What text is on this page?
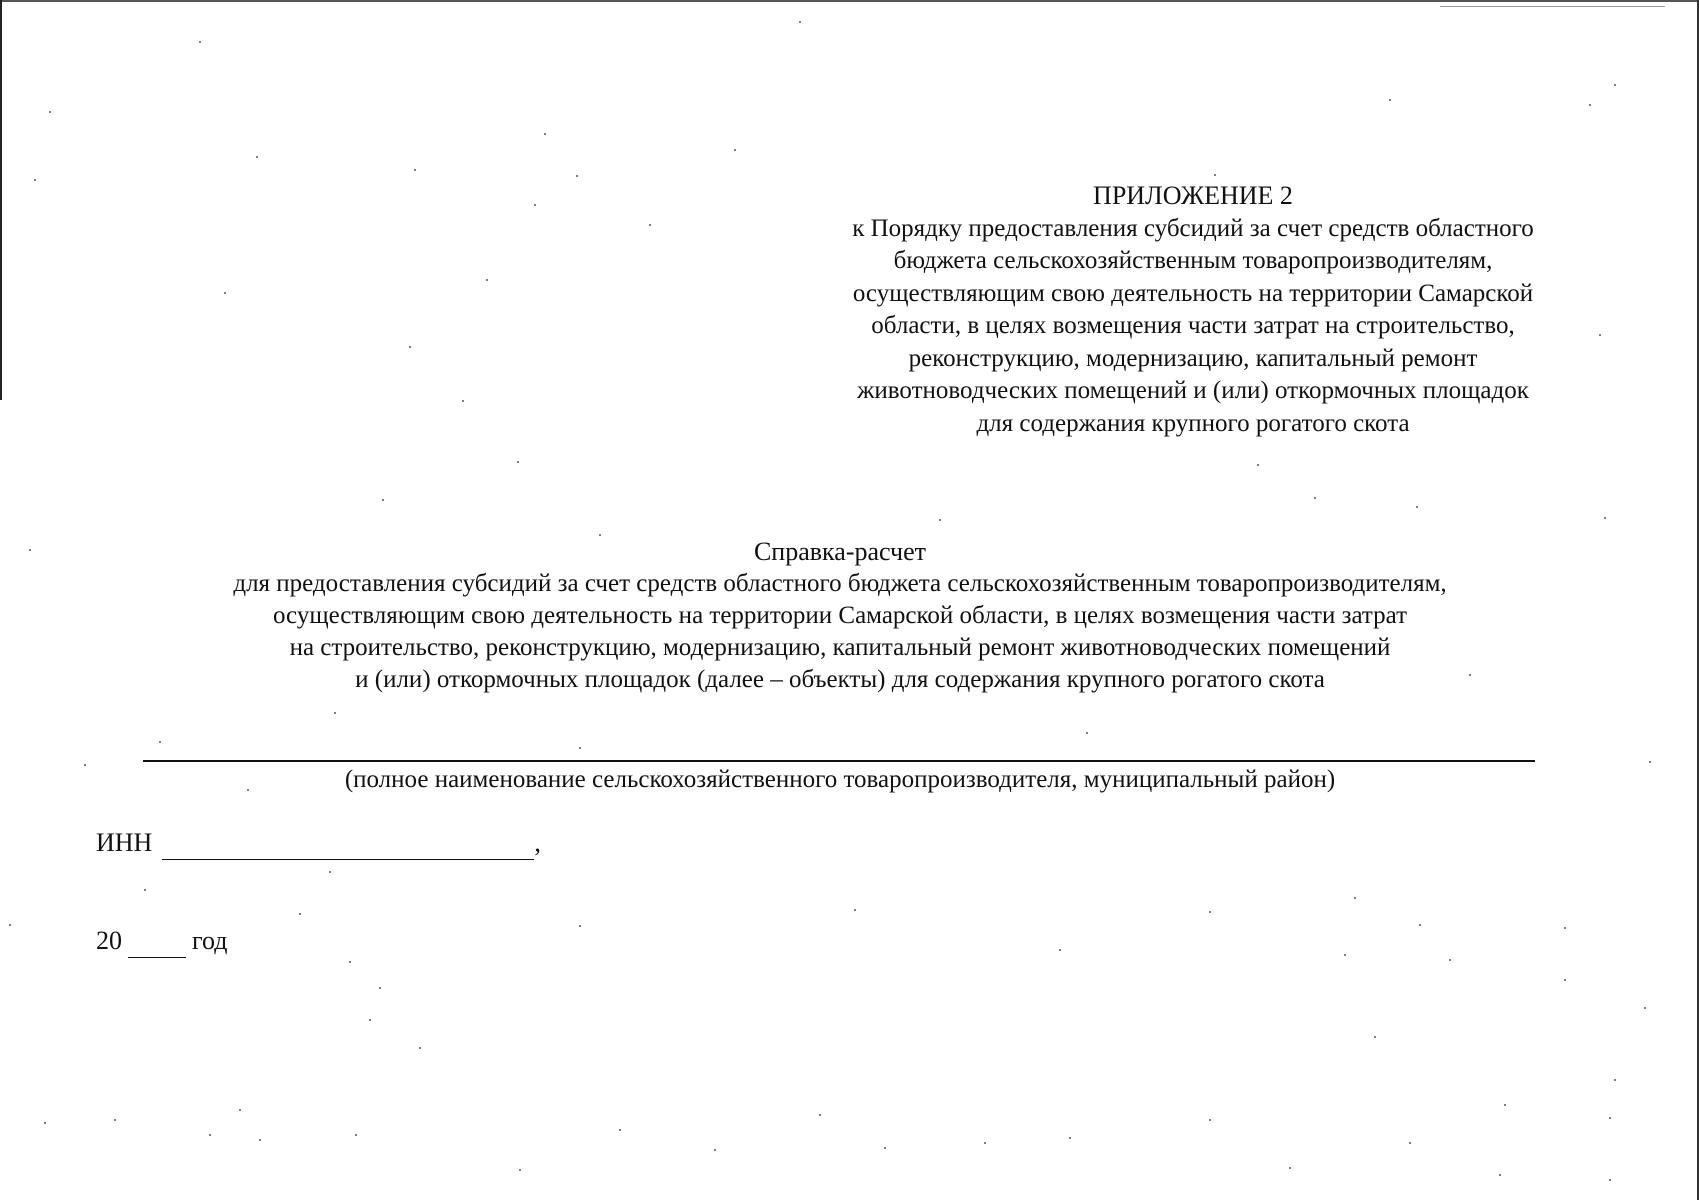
ПРИЛОЖЕНИЕ 2
к Порядку предоставления субсидий за счет средств областного
бюджета сельскохозяйственным товаропроизводителям,
осуществляющим свою деятельность на территории Самарской
области, в целях возмещения части затрат на строительство,
реконструкцию, модернизацию, капитальный ремонт
животноводческих помещений и (или) откормочных площадок
для содержания крупного рогатого скота
Справка-расчет
для предоставления субсидий за счет средств областного бюджета сельскохозяйственным товаропроизводителям,
осуществляющим свою деятельность на территории Самарской области, в целях возмещения части затрат
на строительство, реконструкцию, модернизацию, капитальный ремонт животноводческих помещений
и (или) откормочных площадок (далее – объекты) для содержания крупного рогатого скота
(полное наименование сельскохозяйственного товаропроизводителя, муниципальный район)
ИНН	,
20	год
